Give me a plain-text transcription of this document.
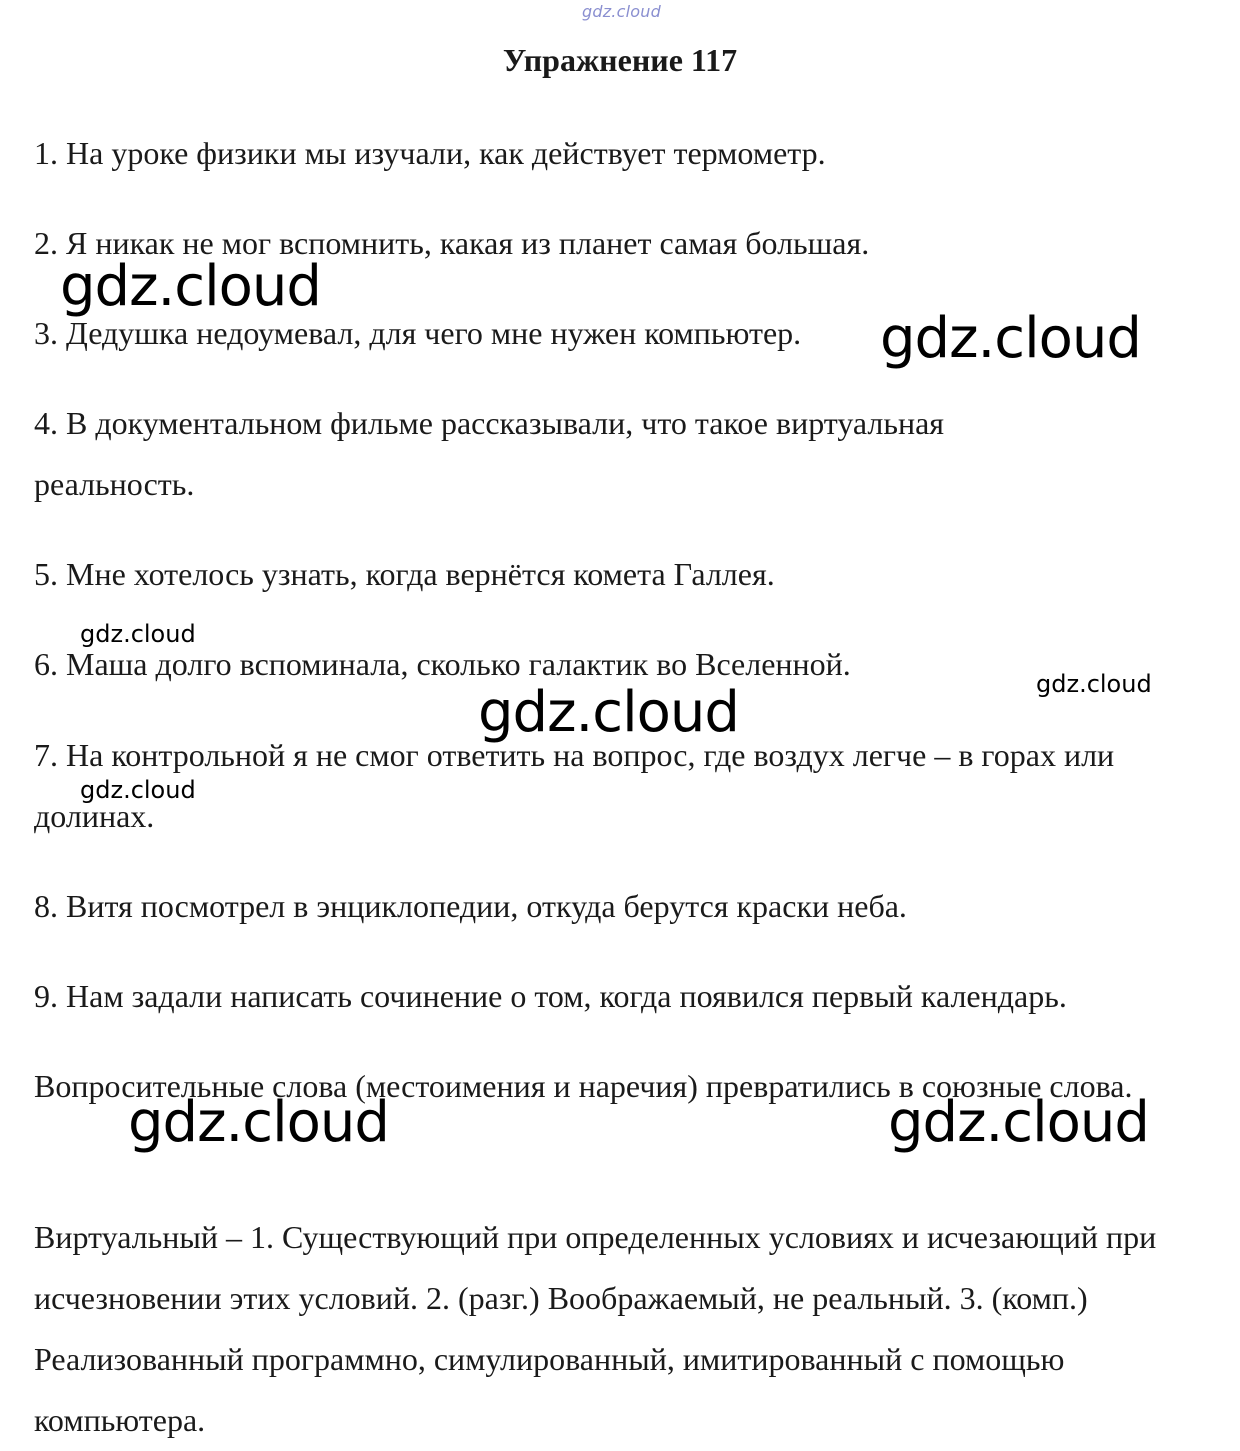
gdz.cloud
Упражнение 117

1. На уроке физики мы изучали, как действует термометр.

2. Я никак не мог вспомнить, какая из планет самая большая.

3. Дедушка недоумевал, для чего мне нужен компьютер.

4. В документальном фильме рассказывали, что такое виртуальная реальность.

5. Мне хотелось узнать, когда вернётся комета Галлея.

6. Маша долго вспоминала, сколько галактик во Вселенной.

7. На контрольной я не смог ответить на вопрос, где воздух легче – в горах или долинах.

8. Витя посмотрел в энциклопедии, откуда берутся краски неба.

9. Нам задали написать сочинение о том, когда появился первый календарь.

Вопросительные слова (местоимения и наречия) превратились в союзные слова.

Виртуальный – 1. Существующий при определенных условиях и исчезающий при исчезновении этих условий. 2. (разг.) Воображаемый, не реальный. 3. (комп.) Реализованный программно, симулированный, имитированный с помощью компьютера.

gdz.cloud
gdz.cloud
gdz.cloud
gdz.cloud
gdz.cloud
gdz.cloud
gdz.cloud	gdz.cloud
